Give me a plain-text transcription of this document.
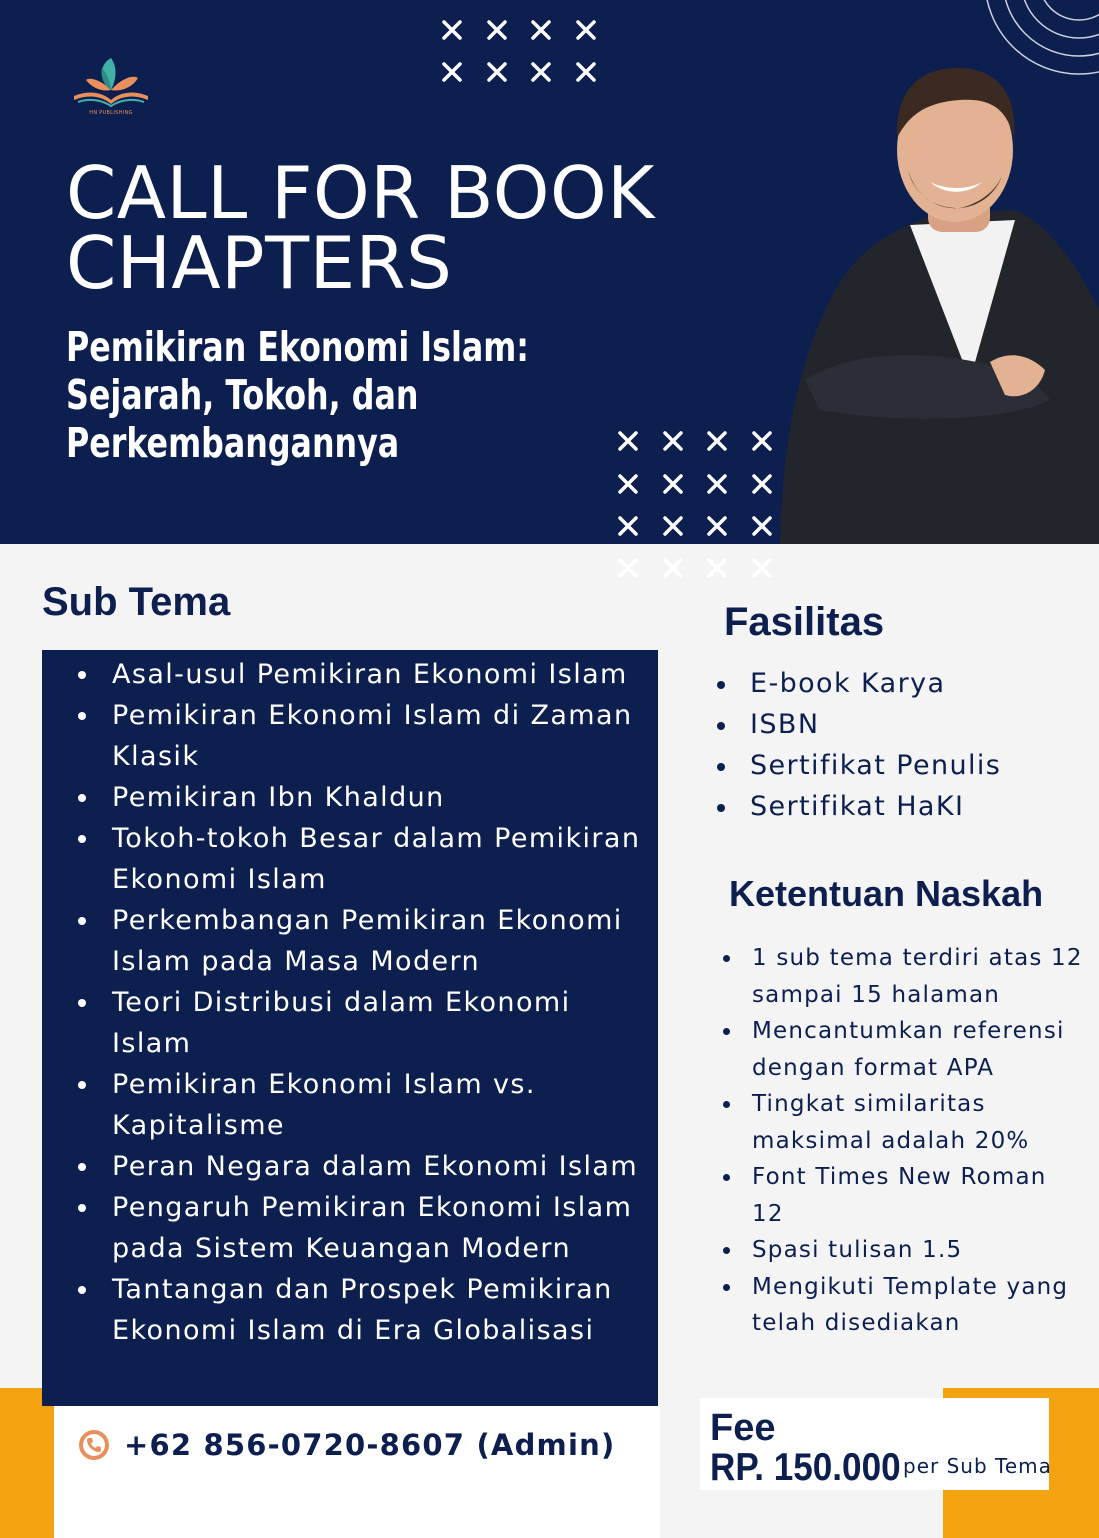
HN PUBLISHING
CALL FOR BOOK
CHAPTERS
Pemikiran Ekonomi Islam:
Sejarah, Tokoh, dan
Perkembangannya
Sub Tema
Asal-usul Pemikiran Ekonomi Islam
Pemikiran Ekonomi Islam di Zaman Klasik
Pemikiran Ibn Khaldun
Tokoh-tokoh Besar dalam Pemikiran Ekonomi Islam
Perkembangan Pemikiran Ekonomi Islam pada Masa Modern
Teori Distribusi dalam Ekonomi Islam
Pemikiran Ekonomi Islam vs. Kapitalisme
Peran Negara dalam Ekonomi Islam
Pengaruh Pemikiran Ekonomi Islam pada Sistem Keuangan Modern
Tantangan dan Prospek Pemikiran Ekonomi Islam di Era Globalisasi
Fasilitas
E-book Karya
ISBN
Sertifikat Penulis
Sertifikat HaKI
Ketentuan Naskah
1 sub tema terdiri atas 12 sampai 15 halaman
Mencantumkan referensi dengan format APA
Tingkat similaritas maksimal adalah 20%
Font Times New Roman 12
Spasi tulisan 1.5
Mengikuti Template yang telah disediakan
+62 856-0720-8607 (Admin) Fee
RP. 150.000 per Sub Tema
